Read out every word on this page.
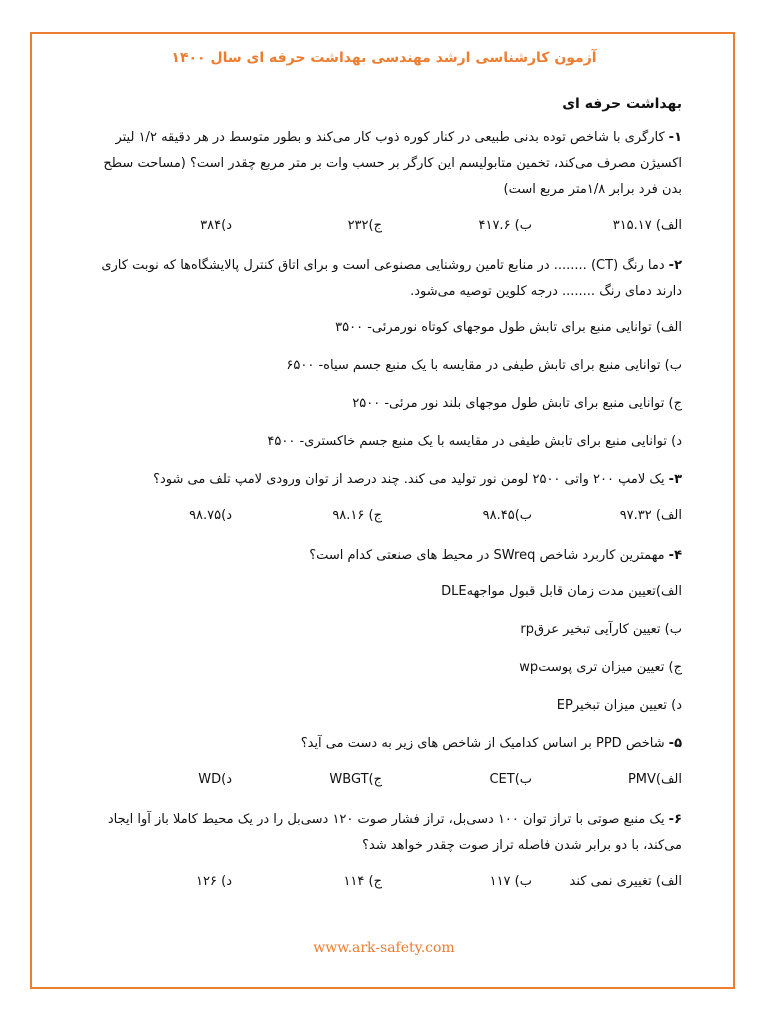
آزمون کارشناسی ارشد مهندسی بهداشت حرفه ای سال ۱۴۰۰
بهداشت حرفه ای
۱-کارگری با شاخص توده بدنی طبیعی در کنار کوره ذوب کار می‌کند و بطور متوسط در هر دقیقه ۱/۲ لیتر اکسیژن مصرف می‌کند، تخمین متابولیسم این کارگر بر حسب وات بر متر مربع چقدر است؟ (مساحت سطح بدن فرد برابر ۱/۸متر مربع است)
الف) ۳۱۵.۱۷
ب) ۴۱۷.۶
ج)۲۳۲
د)۳۸۴
۲-دما رنگ (CT) ........ در منابع تامین روشنایی مصنوعی است و برای اتاق کنترل پالایشگاه‌ها که نوبت کاری دارند دمای رنگ ........ درجه کلوین توصیه می‌شود.
الف) توانایی منبع برای تابش طول موجهای کوتاه نورمرئی- ۳۵۰۰
ب) توانایی منبع برای تابش طیفی در مقایسه با یک منبع جسم سیاه- ۶۵۰۰
ج) توانایی منبع برای تابش طول موجهای بلند نور مرئی- ۲۵۰۰
د) توانایی منبع برای تابش طیفی در مقایسه با یک منبع جسم خاکستری- ۴۵۰۰
۳-یک لامپ ۲۰۰ واتی ۲۵۰۰ لومن نور تولید می کند. چند درصد از توان ورودی لامپ تلف می شود؟
الف) ۹۷.۳۲
ب)۹۸.۴۵
ج) ۹۸.۱۶
د)۹۸.۷۵
۴-مهمترین کاربرد شاخص SWreq در محیط های صنعتی کدام است؟
الف)تعیین مدت زمان قابل قبول مواجههDLE
ب) تعیین کارآیی تبخیر عرقrp
ج) تعیین میزان تری پوستwp
د) تعیین میزان تبخیرEP
۵-شاخص PPD بر اساس کدامیک از شاخص های زیر به دست می آید؟
الف)PMV
ب)CET
ج)WBGT
د)WD
۶-یک منبع صوتی با تراز توان ۱۰۰ دسی‌بل، تراز فشار صوت ۱۲۰ دسی‌بل را در یک محیط کاملا باز آوا ایجاد می‌کند، با دو برابر شدن فاصله تراز صوت چقدر خواهد شد؟
الف) تغییری نمی کند
ب) ۱۱۷
ج) ۱۱۴
د) ۱۲۶
www.ark-safety.com
